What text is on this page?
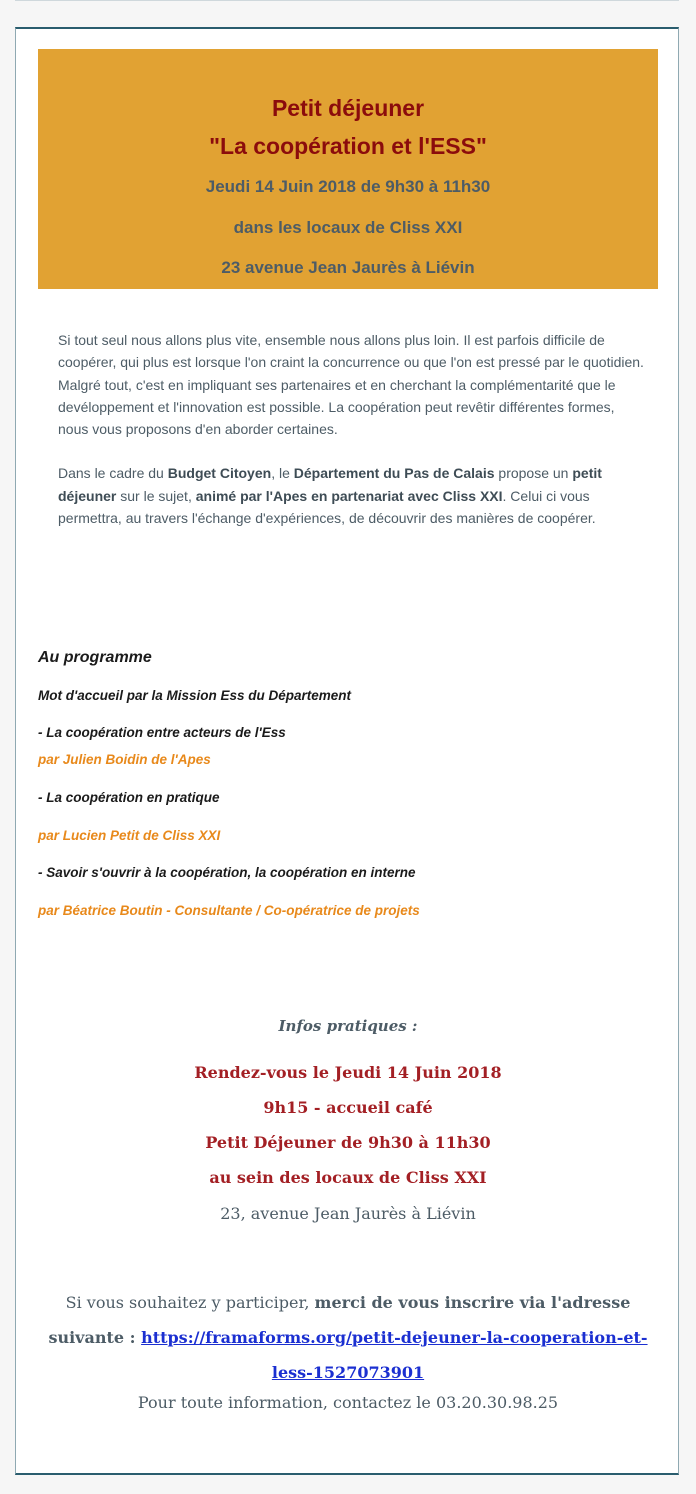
Petit déjeuner
"La coopération et l'ESS"
Jeudi 14 Juin 2018 de 9h30 à 11h30
dans les locaux de Cliss XXI
23 avenue Jean Jaurès à Liévin

Si tout seul nous allons plus vite, ensemble nous allons plus loin. Il est parfois difficile de coopérer, qui plus est lorsque l'on craint la concurrence ou que l'on est pressé par le quotidien. Malgré tout, c'est en impliquant ses partenaires et en cherchant la complémentarité que le devéloppement et l'innovation est possible. La coopération peut revêtir différentes formes, nous vous proposons d'en aborder certaines.

Dans le cadre du Budget Citoyen, le Département du Pas de Calais propose un petit déjeuner sur le sujet, animé par l'Apes en partenariat avec Cliss XXI. Celui ci vous permettra, au travers l'échange d'expériences, de découvrir des manières de coopérer.

Au programme
Mot d'accueil par la Mission Ess du Département
- La coopération entre acteurs de l'Ess
par Julien Boidin de l'Apes
- La coopération en pratique
par Lucien Petit de Cliss XXI
- Savoir s'ouvrir à la coopération, la coopération en interne
par Béatrice Boutin - Consultante / Co-opératrice de projets
Infos pratiques :
Rendez-vous le Jeudi 14 Juin 2018
9h15 - accueil café
Petit Déjeuner de 9h30 à 11h30
au sein des locaux de Cliss XXI
23, avenue Jean Jaurès à Liévin
Si vous souhaitez y participer, merci de vous inscrire via l'adresse suivante : https://framaforms.org/petit-dejeuner-la-cooperation-et-less-1527073901
Pour toute information, contactez le 03.20.30.98.25
